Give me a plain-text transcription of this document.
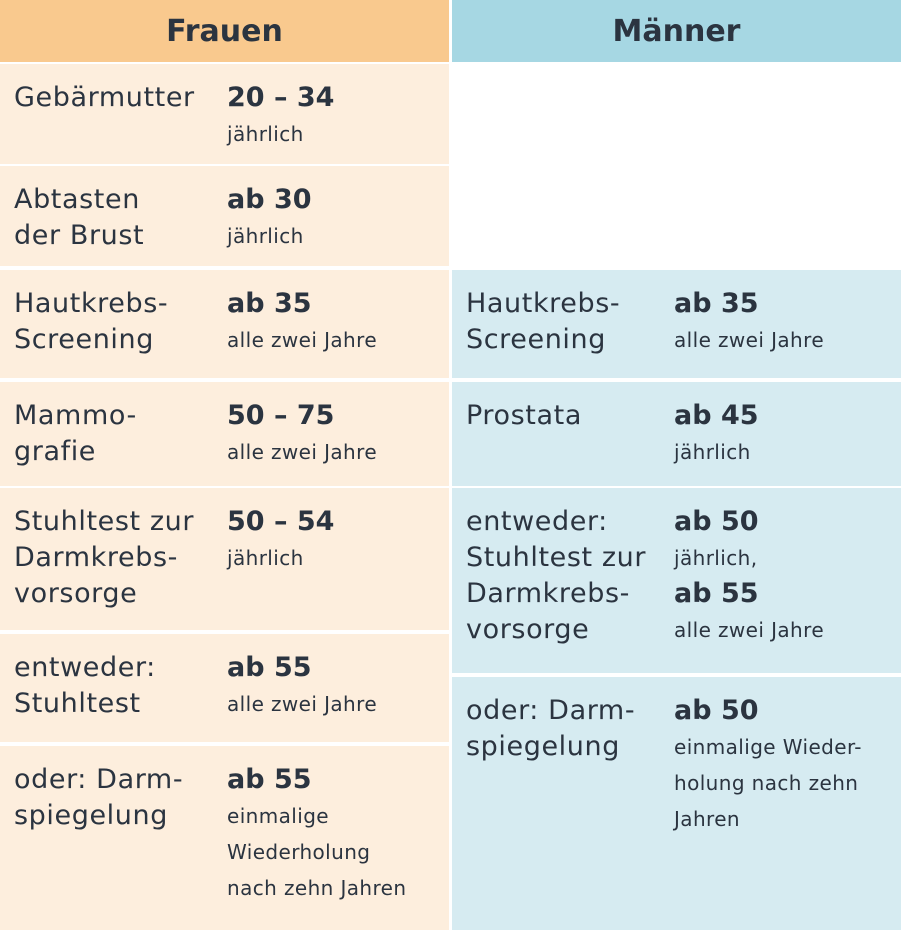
Frauen
Gebärmutter 20 – 34
jährlich
Abtasten
der Brust
ab 30
jährlich
Hautkrebs-
Screening
ab 35
alle zwei Jahre
Mammo-
grafie
50 – 75
alle zwei Jahre
Stuhltest zur
Darmkrebs-
vorsorge
50 – 54
jährlich
entweder:
Stuhltest
ab 55
alle zwei Jahre
oder: Darm-
spiegelung
ab 55
einmalige
Wiederholung
nach zehn Jahren
Männer
Hautkrebs-
Screening
ab 35
alle zwei Jahre
Prostata	ab 45
jährlich
entweder:
Stuhltest zur
Darmkrebs-
vorsorge
ab 50
jährlich,
ab 55
alle zwei Jahre
oder: Darm-
spiegelung
ab 50
einmalige Wieder-
holung nach zehn
Jahren
